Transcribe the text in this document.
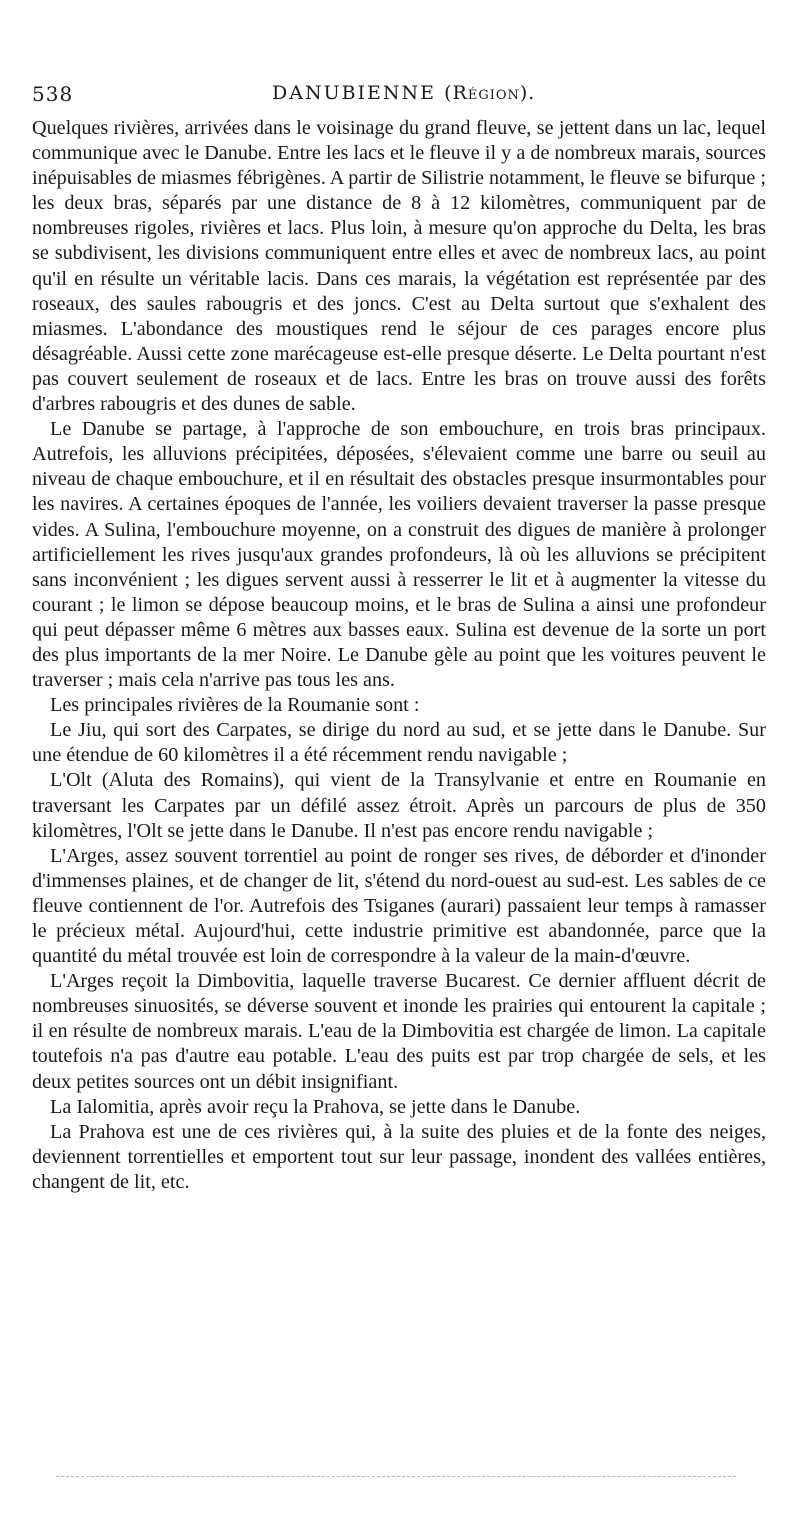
538	DANUBIENNE (Région).

Quelques rivières, arrivées dans le voisinage du grand fleuve, se jettent dans un lac, lequel communique avec le Danube. Entre les lacs et le fleuve il y a de nombreux marais, sources inépuisables de miasmes fébrigènes. A partir de Silistrie notamment, le fleuve se bifurque ; les deux bras, séparés par une distance de 8 à 12 kilomètres, communiquent par de nombreuses rigoles, rivières et lacs. Plus loin, à mesure qu'on approche du Delta, les bras se subdivisent, les divisions communiquent entre elles et avec de nombreux lacs, au point qu'il en résulte un véritable lacis. Dans ces marais, la végétation est représentée par des roseaux, des saules rabougris et des joncs. C'est au Delta surtout que s'exhalent des miasmes. L'abondance des moustiques rend le séjour de ces parages encore plus désagréable. Aussi cette zone marécageuse est-elle presque déserte. Le Delta pourtant n'est pas couvert seulement de roseaux et de lacs. Entre les bras on trouve aussi des forêts d'arbres rabougris et des dunes de sable.

Le Danube se partage, à l'approche de son embouchure, en trois bras principaux. Autrefois, les alluvions précipitées, déposées, s'élevaient comme une barre ou seuil au niveau de chaque embouchure, et il en résultait des obstacles presque insurmontables pour les navires. A certaines époques de l'année, les voiliers devaient traverser la passe presque vides. A Sulina, l'embouchure moyenne, on a construit des digues de manière à prolonger artificiellement les rives jusqu'aux grandes profondeurs, là où les alluvions se précipitent sans inconvénient ; les digues servent aussi à resserrer le lit et à augmenter la vitesse du courant ; le limon se dépose beaucoup moins, et le bras de Sulina a ainsi une profondeur qui peut dépasser même 6 mètres aux basses eaux. Sulina est devenue de la sorte un port des plus importants de la mer Noire. Le Danube gèle au point que les voitures peuvent le traverser ; mais cela n'arrive pas tous les ans.

Les principales rivières de la Roumanie sont :

Le Jiu, qui sort des Carpates, se dirige du nord au sud, et se jette dans le Danube. Sur une étendue de 60 kilomètres il a été récemment rendu navigable ;

L'Olt (Aluta des Romains), qui vient de la Transylvanie et entre en Roumanie en traversant les Carpates par un défilé assez étroit. Après un parcours de plus de 350 kilomètres, l'Olt se jette dans le Danube. Il n'est pas encore rendu navigable ;

L'Arges, assez souvent torrentiel au point de ronger ses rives, de déborder et d'inonder d'immenses plaines, et de changer de lit, s'étend du nord-ouest au sud-est. Les sables de ce fleuve contiennent de l'or. Autrefois des Tsiganes (aurari) passaient leur temps à ramasser le précieux métal. Aujourd'hui, cette industrie primitive est abandonnée, parce que la quantité du métal trouvée est loin de correspondre à la valeur de la main-d'œuvre.

L'Arges reçoit la Dimbovitia, laquelle traverse Bucarest. Ce dernier affluent décrit de nombreuses sinuosités, se déverse souvent et inonde les prairies qui entourent la capitale ; il en résulte de nombreux marais. L'eau de la Dimbovitia est chargée de limon. La capitale toutefois n'a pas d'autre eau potable. L'eau des puits est par trop chargée de sels, et les deux petites sources ont un débit insignifiant.

La Ialomitia, après avoir reçu la Prahova, se jette dans le Danube.

La Prahova est une de ces rivières qui, à la suite des pluies et de la fonte des neiges, deviennent torrentielles et emportent tout sur leur passage, inondent des vallées entières, changent de lit, etc.
